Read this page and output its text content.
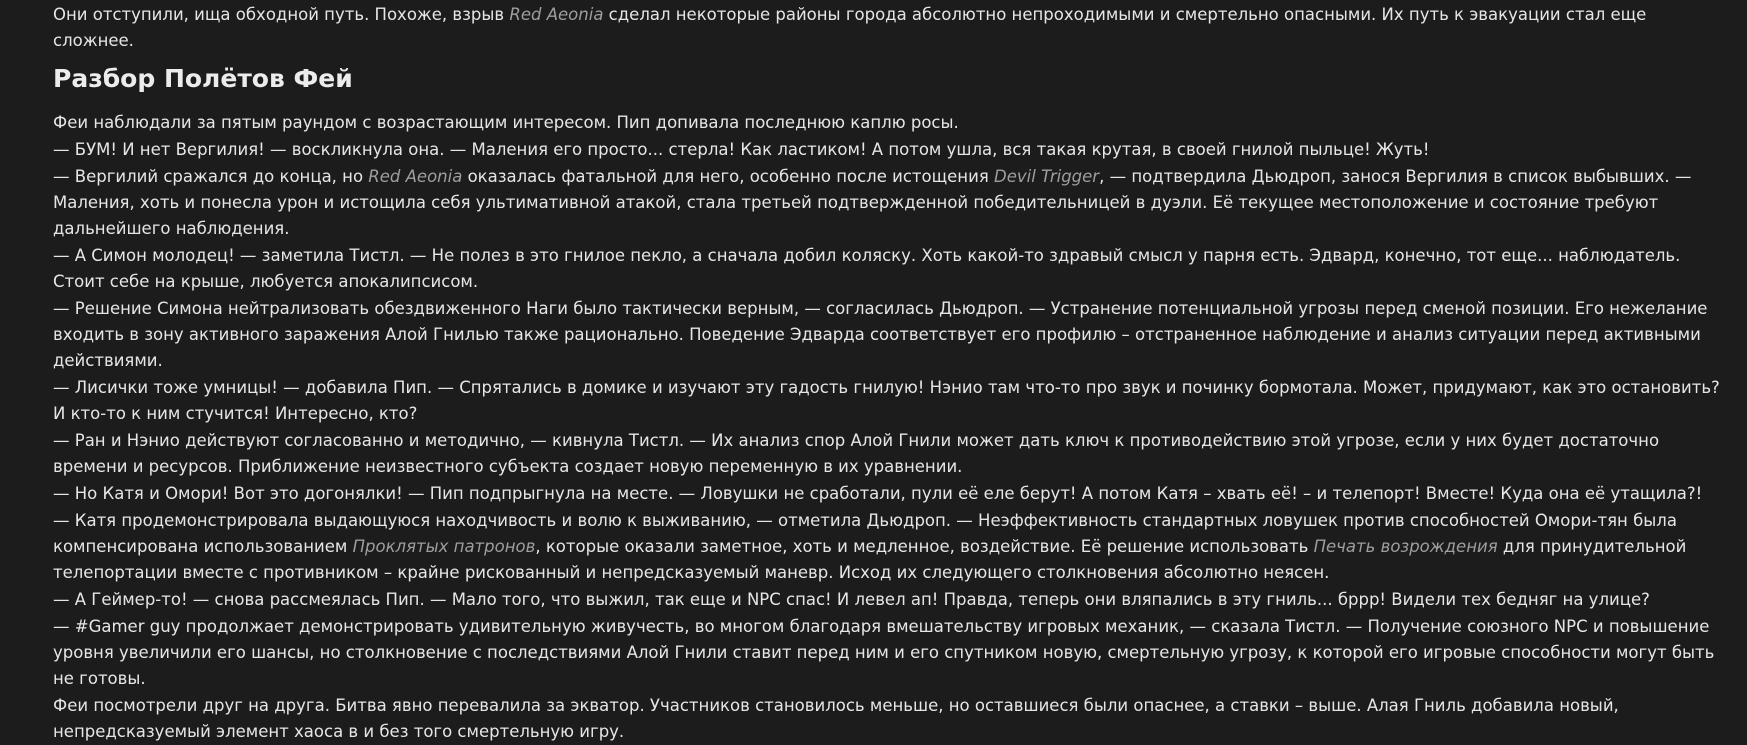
Они отступили, ища обходной путь. Похоже, взрыв Red Aeonia сделал некоторые районы города абсолютно непроходимыми и смертельно опасными. Их путь к эвакуации стал еще сложнее.

Разбор Полётов Фей

Феи наблюдали за пятым раундом с возрастающим интересом. Пип допивала последнюю каплю росы.

— БУМ! И нет Вергилия! — воскликнула она. — Маления его просто... стерла! Как ластиком! А потом ушла, вся такая крутая, в своей гнилой пыльце! Жуть!

— Вергилий сражался до конца, но Red Aeonia оказалась фатальной для него, особенно после истощения Devil Trigger, — подтвердила Дьюдроп, занося Вергилия в список выбывших. — Маления, хоть и понесла урон и истощила себя ультимативной атакой, стала третьей подтвержденной победительницей в дуэли. Её текущее местоположение и состояние требуют дальнейшего наблюдения.

— А Симон молодец! — заметила Тистл. — Не полез в это гнилое пекло, а сначала добил коляску. Хоть какой-то здравый смысл у парня есть. Эдвард, конечно, тот еще... наблюдатель. Стоит себе на крыше, любуется апокалипсисом.

— Решение Симона нейтрализовать обездвиженного Наги было тактически верным, — согласилась Дьюдроп. — Устранение потенциальной угрозы перед сменой позиции. Его нежелание входить в зону активного заражения Алой Гнилью также рационально. Поведение Эдварда соответствует его профилю – отстраненное наблюдение и анализ ситуации перед активными действиями.

— Лисички тоже умницы! — добавила Пип. — Спрятались в домике и изучают эту гадость гнилую! Нэнио там что-то про звук и починку бормотала. Может, придумают, как это остановить? И кто-то к ним стучится! Интересно, кто?

— Ран и Нэнио действуют согласованно и методично, — кивнула Тистл. — Их анализ спор Алой Гнили может дать ключ к противодействию этой угрозе, если у них будет достаточно времени и ресурсов. Приближение неизвестного субъекта создает новую переменную в их уравнении.

— Но Катя и Омори! Вот это догонялки! — Пип подпрыгнула на месте. — Ловушки не сработали, пули её еле берут! А потом Катя – хвать её! – и телепорт! Вместе! Куда она её утащила?!

— Катя продемонстрировала выдающуюся находчивость и волю к выживанию, — отметила Дьюдроп. — Неэффективность стандартных ловушек против способностей Омори-тян была компенсирована использованием Проклятых патронов, которые оказали заметное, хоть и медленное, воздействие. Её решение использовать Печать возрождения для принудительной телепортации вместе с противником – крайне рискованный и непредсказуемый маневр. Исход их следующего столкновения абсолютно неясен.

— А Геймер-то! — снова рассмеялась Пип. — Мало того, что выжил, так еще и NPC спас! И левел ап! Правда, теперь они вляпались в эту гниль... бррр! Видели тех бедняг на улице?

— #Gamer guy продолжает демонстрировать удивительную живучесть, во многом благодаря вмешательству игровых механик, — сказала Тистл. — Получение союзного NPC и повышение уровня увеличили его шансы, но столкновение с последствиями Алой Гнили ставит перед ним и его спутником новую, смертельную угрозу, к которой его игровые способности могут быть не готовы.

Феи посмотрели друг на друга. Битва явно перевалила за экватор. Участников становилось меньше, но оставшиеся были опаснее, а ставки – выше. Алая Гниль добавила новый, непредсказуемый элемент хаоса в и без того смертельную игру.
